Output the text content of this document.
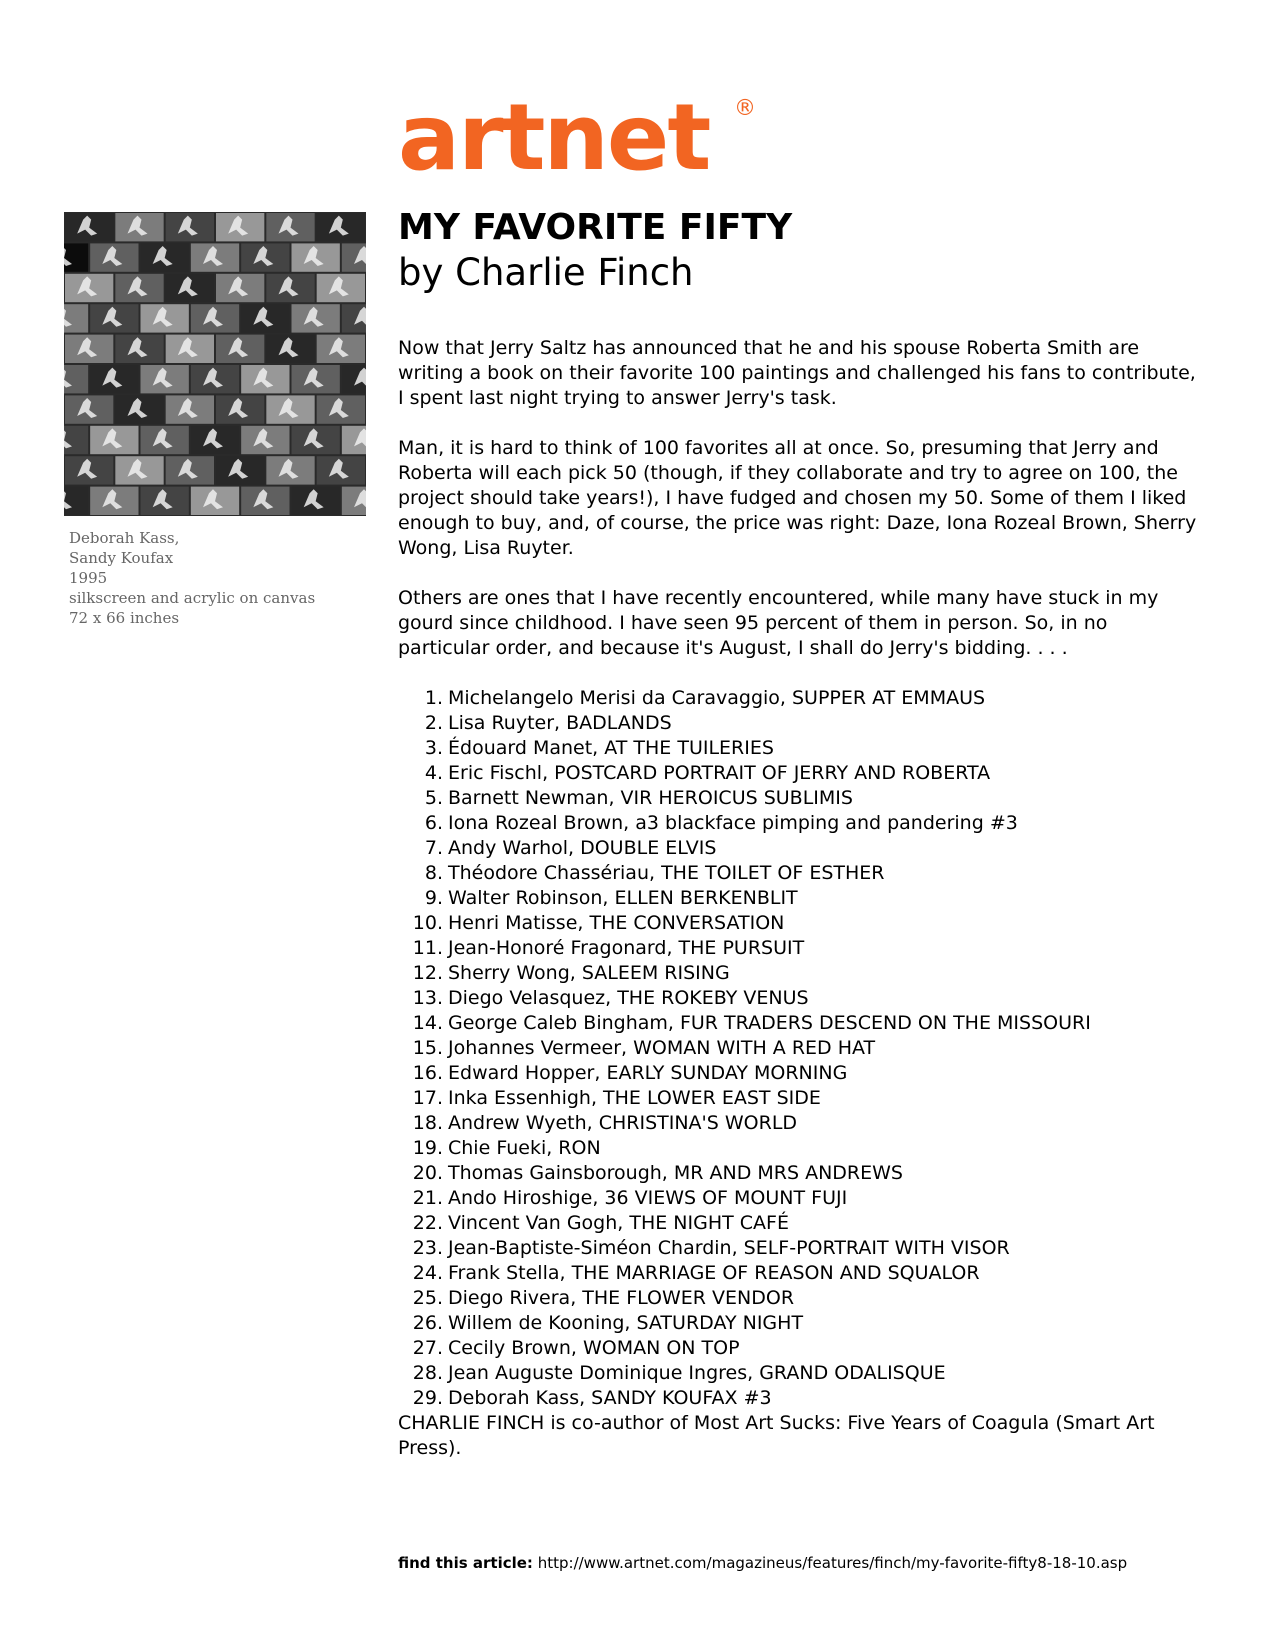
artnet ®
Deborah Kass,
Sandy Koufax
1995
silkscreen and acrylic on canvas
72 x 66 inches
MY FAVORITE FIFTY
by Charlie Finch

Now that Jerry Saltz has announced that he and his spouse Roberta Smith are writing a book on their favorite 100 paintings and challenged his fans to contribute, I spent last night trying to answer Jerry's task.

Man, it is hard to think of 100 favorites all at once. So, presuming that Jerry and Roberta will each pick 50 (though, if they collaborate and try to agree on 100, the project should take years!), I have fudged and chosen my 50. Some of them I liked enough to buy, and, of course, the price was right: Daze, Iona Rozeal Brown, Sherry Wong, Lisa Ruyter.

Others are ones that I have recently encountered, while many have stuck in my gourd since childhood. I have seen 95 percent of them in person. So, in no particular order, and because it's August, I shall do Jerry's bidding. . . .

1. Michelangelo Merisi da Caravaggio, SUPPER AT EMMAUS
2. Lisa Ruyter, BADLANDS
3. Édouard Manet, AT THE TUILERIES
4. Eric Fischl, POSTCARD PORTRAIT OF JERRY AND ROBERTA
5. Barnett Newman, VIR HEROICUS SUBLIMIS
6. Iona Rozeal Brown, a3 blackface pimping and pandering #3
7. Andy Warhol, DOUBLE ELVIS
8. Théodore Chassériau, THE TOILET OF ESTHER
9. Walter Robinson, ELLEN BERKENBLIT
10. Henri Matisse, THE CONVERSATION
11. Jean-Honoré Fragonard, THE PURSUIT
12. Sherry Wong, SALEEM RISING
13. Diego Velasquez, THE ROKEBY VENUS
14. George Caleb Bingham, FUR TRADERS DESCEND ON THE MISSOURI
15. Johannes Vermeer, WOMAN WITH A RED HAT
16. Edward Hopper, EARLY SUNDAY MORNING
17. Inka Essenhigh, THE LOWER EAST SIDE
18. Andrew Wyeth, CHRISTINA'S WORLD
19. Chie Fueki, RON
20. Thomas Gainsborough, MR AND MRS ANDREWS
21. Ando Hiroshige, 36 VIEWS OF MOUNT FUJI
22. Vincent Van Gogh, THE NIGHT CAFÉ
23. Jean-Baptiste-Siméon Chardin, SELF-PORTRAIT WITH VISOR
24. Frank Stella, THE MARRIAGE OF REASON AND SQUALOR
25. Diego Rivera, THE FLOWER VENDOR
26. Willem de Kooning, SATURDAY NIGHT
27. Cecily Brown, WOMAN ON TOP
28. Jean Auguste Dominique Ingres, GRAND ODALISQUE
29. Deborah Kass, SANDY KOUFAX #3

CHARLIE FINCH is co-author of Most Art Sucks: Five Years of Coagula (Smart Art Press).

find this article: http://www.artnet.com/magazineus/features/finch/my-favorite-fifty8-18-10.asp
